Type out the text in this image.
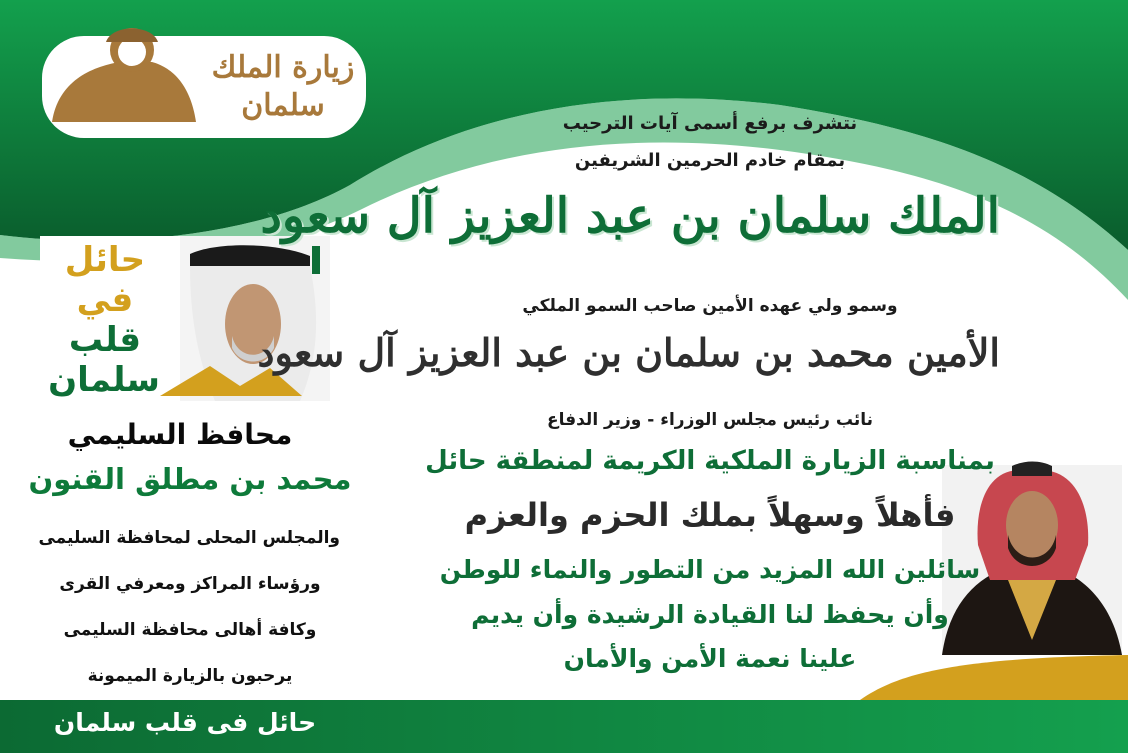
زيارة الملك
سلمان
حائل
في
قلب
سلمان
محافظ السليمي
محمد بن مطلق القنون
والمجلس المحلى لمحافظة السليمى
ورؤساء المراكز ومعرفي القرى
وكافة أهالى محافظة السليمى
يرحبون بالزيارة الميمونة
حائل فى قلب سلمان
نتشرف برفع أسمى آيات الترحيب
بمقام خادم الحرمين الشريفين
الملك سلمان بن عبد العزيز آل سعود
وسمو ولي عهده الأمين صاحب السمو الملكي
الأمين محمد بن سلمان بن عبد العزيز آل سعود
نائب رئيس مجلس الوزراء - وزير الدفاع
بمناسبة الزيارة الملكية الكريمة لمنطقة حائل
فأهلاً وسهلاً بملك الحزم والعزم
سائلين الله المزيد من التطور والنماء للوطن
وأن يحفظ لنا القيادة الرشيدة وأن يديم
علينا نعمة الأمن والأمان
